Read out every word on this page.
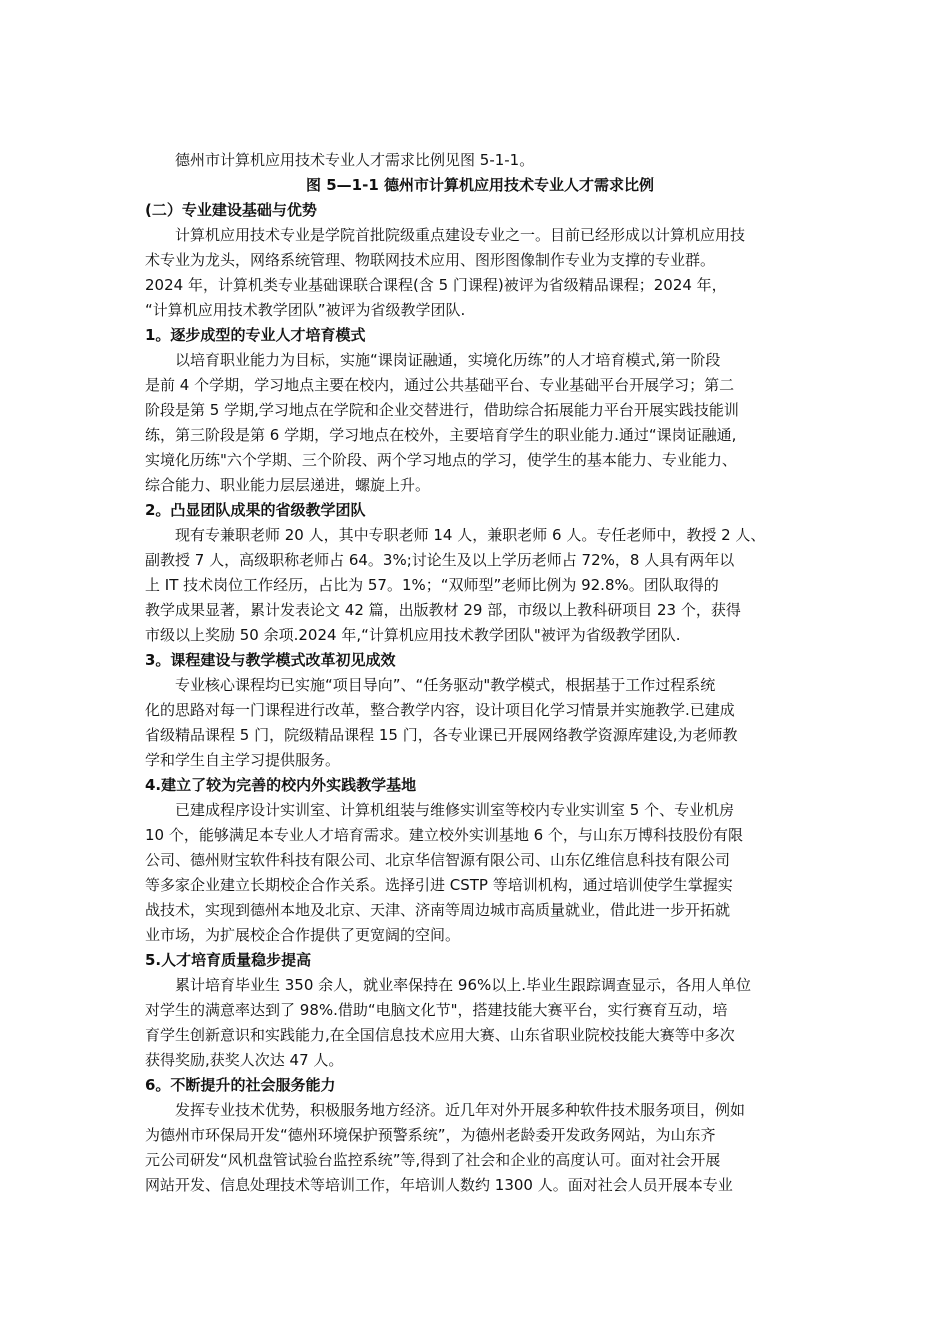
德州市计算机应用技术专业人才需求比例见图 5-1-1。

图 5—1-1 德州市计算机应用技术专业人才需求比例

(二）专业建设基础与优势

计算机应用技术专业是学院首批院级重点建设专业之一。目前已经形成以计算机应用技
术专业为龙头，网络系统管理、物联网技术应用、图形图像制作专业为支撑的专业群。
2024 年，计算机类专业基础课联合课程(含 5 门课程)被评为省级精品课程；2024 年，
“计算机应用技术教学团队”被评为省级教学团队.

1。逐步成型的专业人才培育模式

以培育职业能力为目标，实施“课岗证融通，实境化历练”的人才培育模式,第一阶段
是前 4 个学期，学习地点主要在校内，通过公共基础平台、专业基础平台开展学习；第二
阶段是第 5 学期,学习地点在学院和企业交替进行，借助综合拓展能力平台开展实践技能训
练，第三阶段是第 6 学期，学习地点在校外，主要培育学生的职业能力.通过“课岗证融通,
实境化历练"六个学期、三个阶段、两个学习地点的学习，使学生的基本能力、专业能力、
综合能力、职业能力层层递进，螺旋上升。

2。凸显团队成果的省级教学团队

现有专兼职老师 20 人，其中专职老师 14 人，兼职老师 6 人。专任老师中，教授 2 人、
副教授 7 人，高级职称老师占 64。3%;讨论生及以上学历老师占 72%，8 人具有两年以
上 IT 技术岗位工作经历，占比为 57。1%；“双师型”老师比例为 92.8%。团队取得的
教学成果显著，累计发表论文 42 篇，出版教材 29 部，市级以上教科研项目 23 个，获得
市级以上奖励 50 余项.2024 年,“计算机应用技术教学团队"被评为省级教学团队.

3。课程建设与教学模式改革初见成效

专业核心课程均已实施“项目导向”、“任务驱动"教学模式，根据基于工作过程系统
化的思路对每一门课程进行改革，整合教学内容，设计项目化学习情景并实施教学.已建成
省级精品课程 5 门，院级精品课程 15 门，各专业课已开展网络教学资源库建设,为老师教
学和学生自主学习提供服务。

4.建立了较为完善的校内外实践教学基地

已建成程序设计实训室、计算机组装与维修实训室等校内专业实训室 5 个、专业机房
10 个，能够满足本专业人才培育需求。建立校外实训基地 6 个，与山东万博科技股份有限
公司、德州财宝软件科技有限公司、北京华信智源有限公司、山东亿维信息科技有限公司
等多家企业建立长期校企合作关系。选择引进 CSTP 等培训机构，通过培训使学生掌握实
战技术，实现到德州本地及北京、天津、济南等周边城市高质量就业，借此进一步开拓就
业市场，为扩展校企合作提供了更宽阔的空间。

5.人才培育质量稳步提高

累计培育毕业生 350 余人，就业率保持在 96%以上.毕业生跟踪调查显示，各用人单位
对学生的满意率达到了 98%.借助“电脑文化节"，搭建技能大赛平台，实行赛育互动，培
育学生创新意识和实践能力,在全国信息技术应用大赛、山东省职业院校技能大赛等中多次
获得奖励,获奖人次达 47 人。

6。不断提升的社会服务能力

发挥专业技术优势，积极服务地方经济。近几年对外开展多种软件技术服务项目，例如
为德州市环保局开发“德州环境保护预警系统”，为德州老龄委开发政务网站，为山东齐
元公司研发“风机盘管试验台监控系统”等,得到了社会和企业的高度认可。面对社会开展
网站开发、信息处理技术等培训工作，年培训人数约 1300 人。面对社会人员开展本专业
